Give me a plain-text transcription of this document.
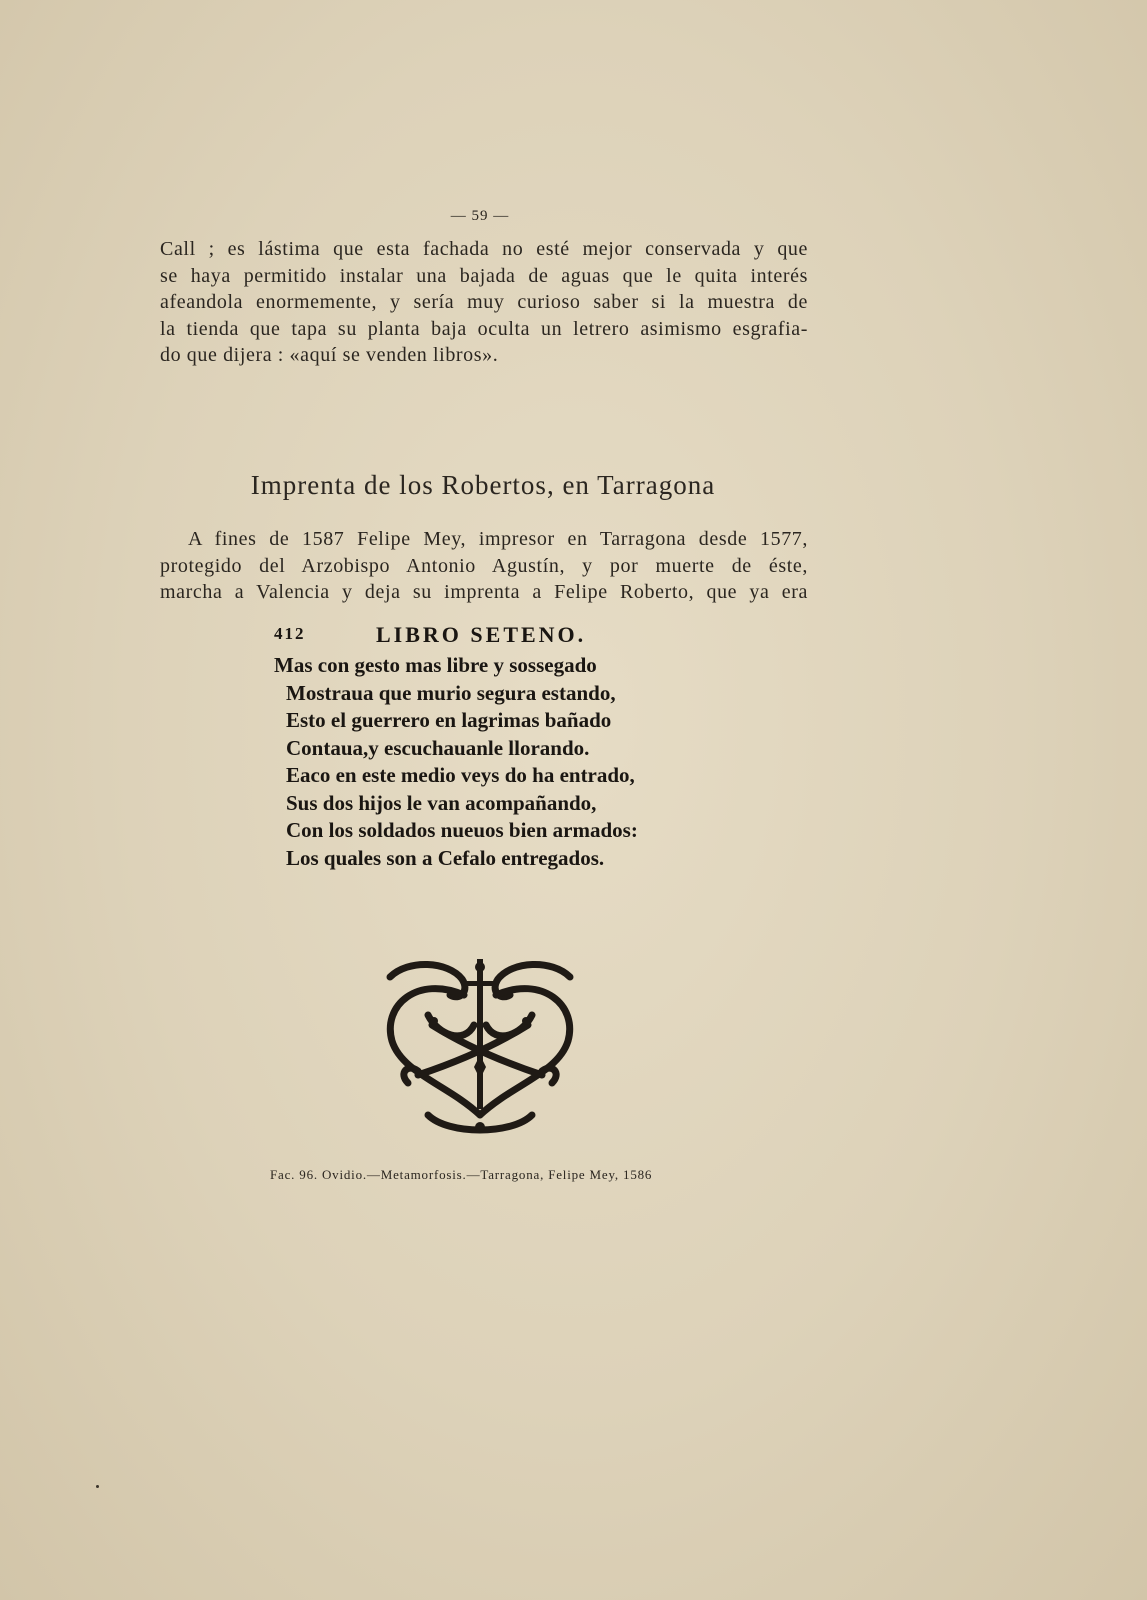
— 59 —
Call ; es lástima que esta fachada no esté mejor conservada y que
se haya permitido instalar una bajada de aguas que le quita interés
afeandola enormemente, y sería muy curioso saber si la muestra de
la tienda que tapa su planta baja oculta un letrero asimismo esgrafia-
do que dijera : «aquí se venden libros».
Imprenta de los Robertos, en Tarragona
A fines de 1587 Felipe Mey, impresor en Tarragona desde 1577,
protegido del Arzobispo Antonio Agustín, y por muerte de éste,
marcha a Valencia y deja su imprenta a Felipe Roberto, que ya era
412	LIBRO SETENO.
Mas con gesto mas libre y sossegado
Mostraua que murio segura estando,
Esto el guerrero en lagrimas bañado
Contaua,y escuchauanle llorando.
Eaco en este medio veys do ha entrado,
Sus dos hijos le van acompañando,
Con los soldados nueuos bien armados:
Los quales son a Cefalo entregados.
Fac. 96. Ovidio.—Metamorfosis.—Tarragona, Felipe Mey, 1586
